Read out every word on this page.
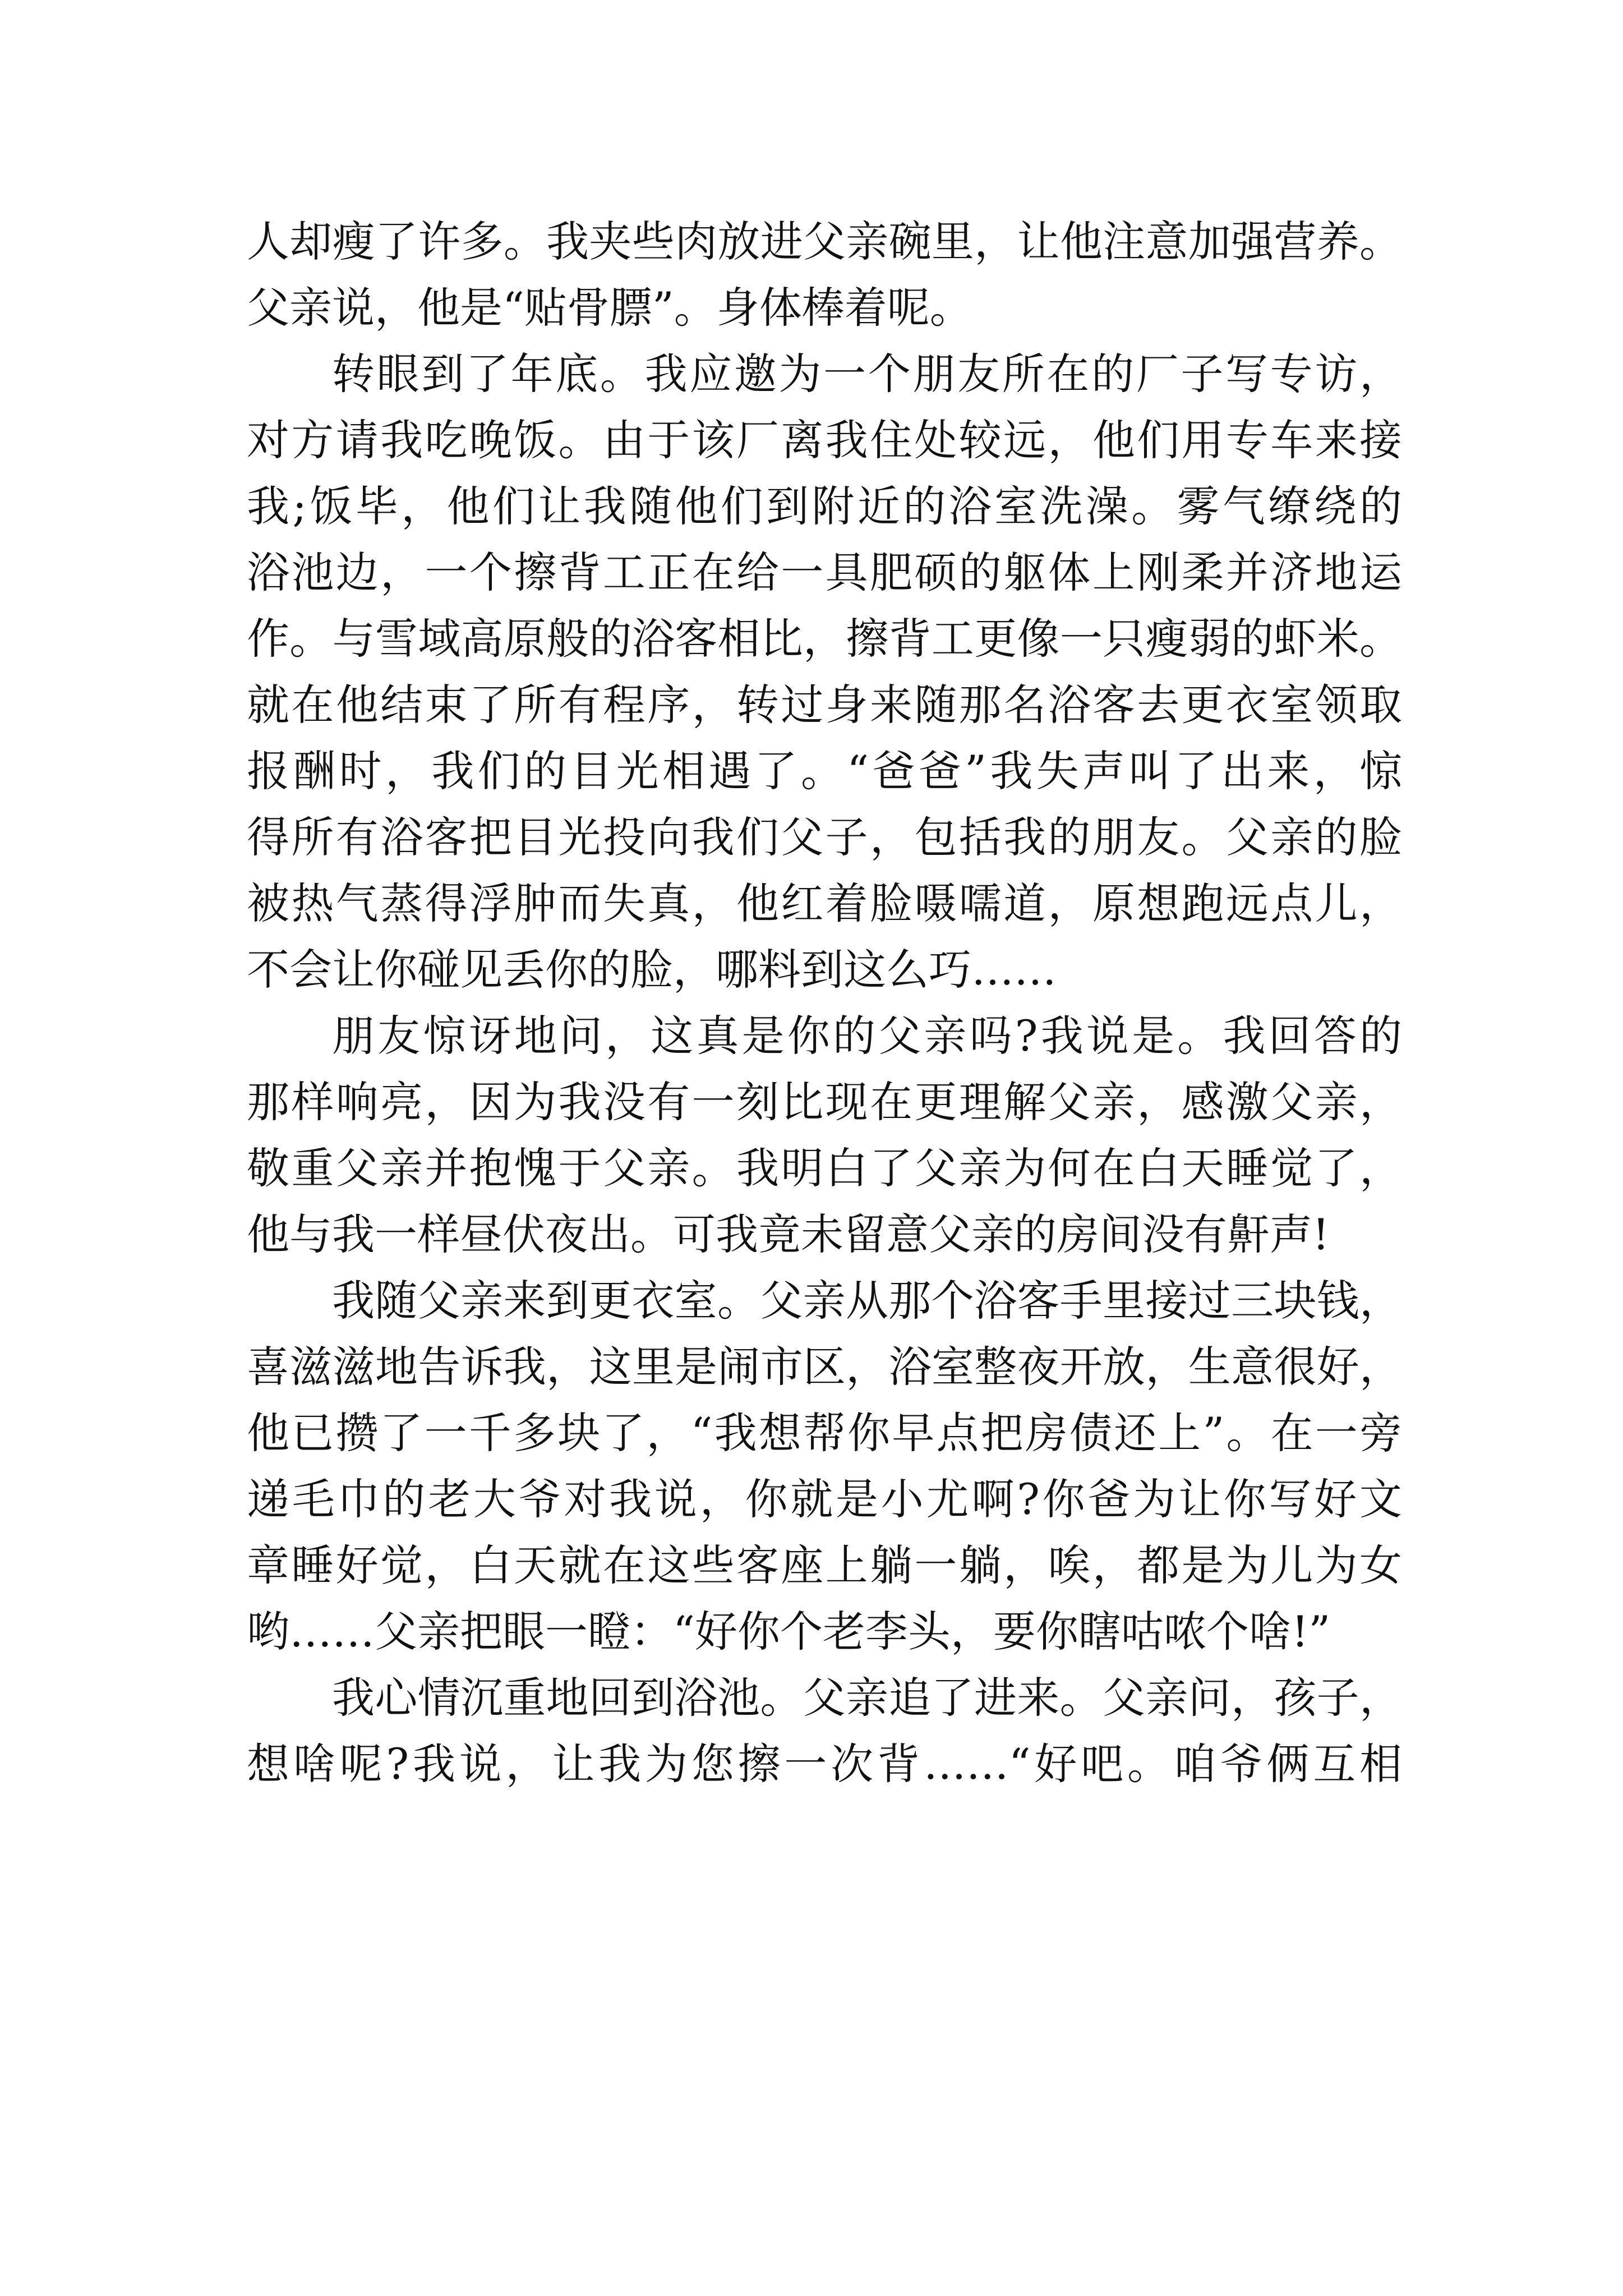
人却瘦了许多。我夹些肉放进父亲碗里，让他注意加强营养。
父亲说，他是“贴骨膘”。身体棒着呢。
转眼到了年底。我应邀为一个朋友所在的厂子写专访，
对方请我吃晚饭。由于该厂离我住处较远，他们用专车来接
我;饭毕，他们让我随他们到附近的浴室洗澡。雾气缭绕的
浴池边，一个擦背工正在给一具肥硕的躯体上刚柔并济地运
作。与雪域高原般的浴客相比，擦背工更像一只瘦弱的虾米。
就在他结束了所有程序，转过身来随那名浴客去更衣室领取
报酬时，我们的目光相遇了。“爸爸”我失声叫了出来，惊
得所有浴客把目光投向我们父子，包括我的朋友。父亲的脸
被热气蒸得浮肿而失真，他红着脸嗫嚅道，原想跑远点儿，
不会让你碰见丢你的脸，哪料到这么巧……
朋友惊讶地问，这真是你的父亲吗?我说是。我回答的
那样响亮，因为我没有一刻比现在更理解父亲，感激父亲，
敬重父亲并抱愧于父亲。我明白了父亲为何在白天睡觉了，
他与我一样昼伏夜出。可我竟未留意父亲的房间没有鼾声!
我随父亲来到更衣室。父亲从那个浴客手里接过三块钱，
喜滋滋地告诉我，这里是闹市区，浴室整夜开放，生意很好，
他已攒了一千多块了，“我想帮你早点把房债还上”。在一旁
递毛巾的老大爷对我说，你就是小尤啊?你爸为让你写好文
章睡好觉，白天就在这些客座上躺一躺，唉，都是为儿为女
哟……父亲把眼一瞪：“好你个老李头，要你瞎咕哝个啥!”
我心情沉重地回到浴池。父亲追了进来。父亲问，孩子，
想啥呢?我说，让我为您擦一次背……“好吧。咱爷俩互相
